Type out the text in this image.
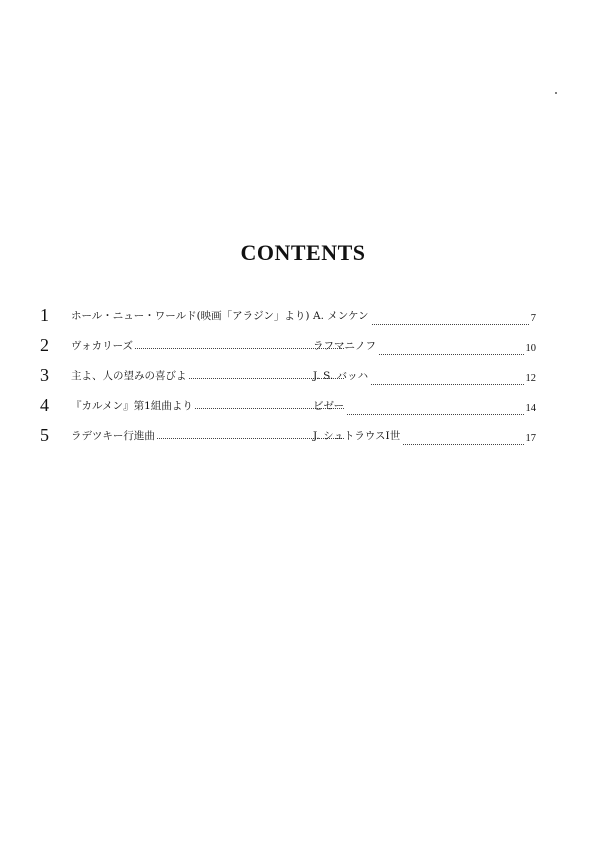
CONTENTS
1	ホール・ニュー・ワールド(映画「アラジン」より) A. メンケン	7
2	ヴォカリーズ	ラフマニノフ	10
3	主よ、人の望みの喜びよ	J. S. バッハ	12
4	『カルメン』第1組曲より	ビゼー	14
5	ラデツキー行進曲	J. シュトラウスI世	17
